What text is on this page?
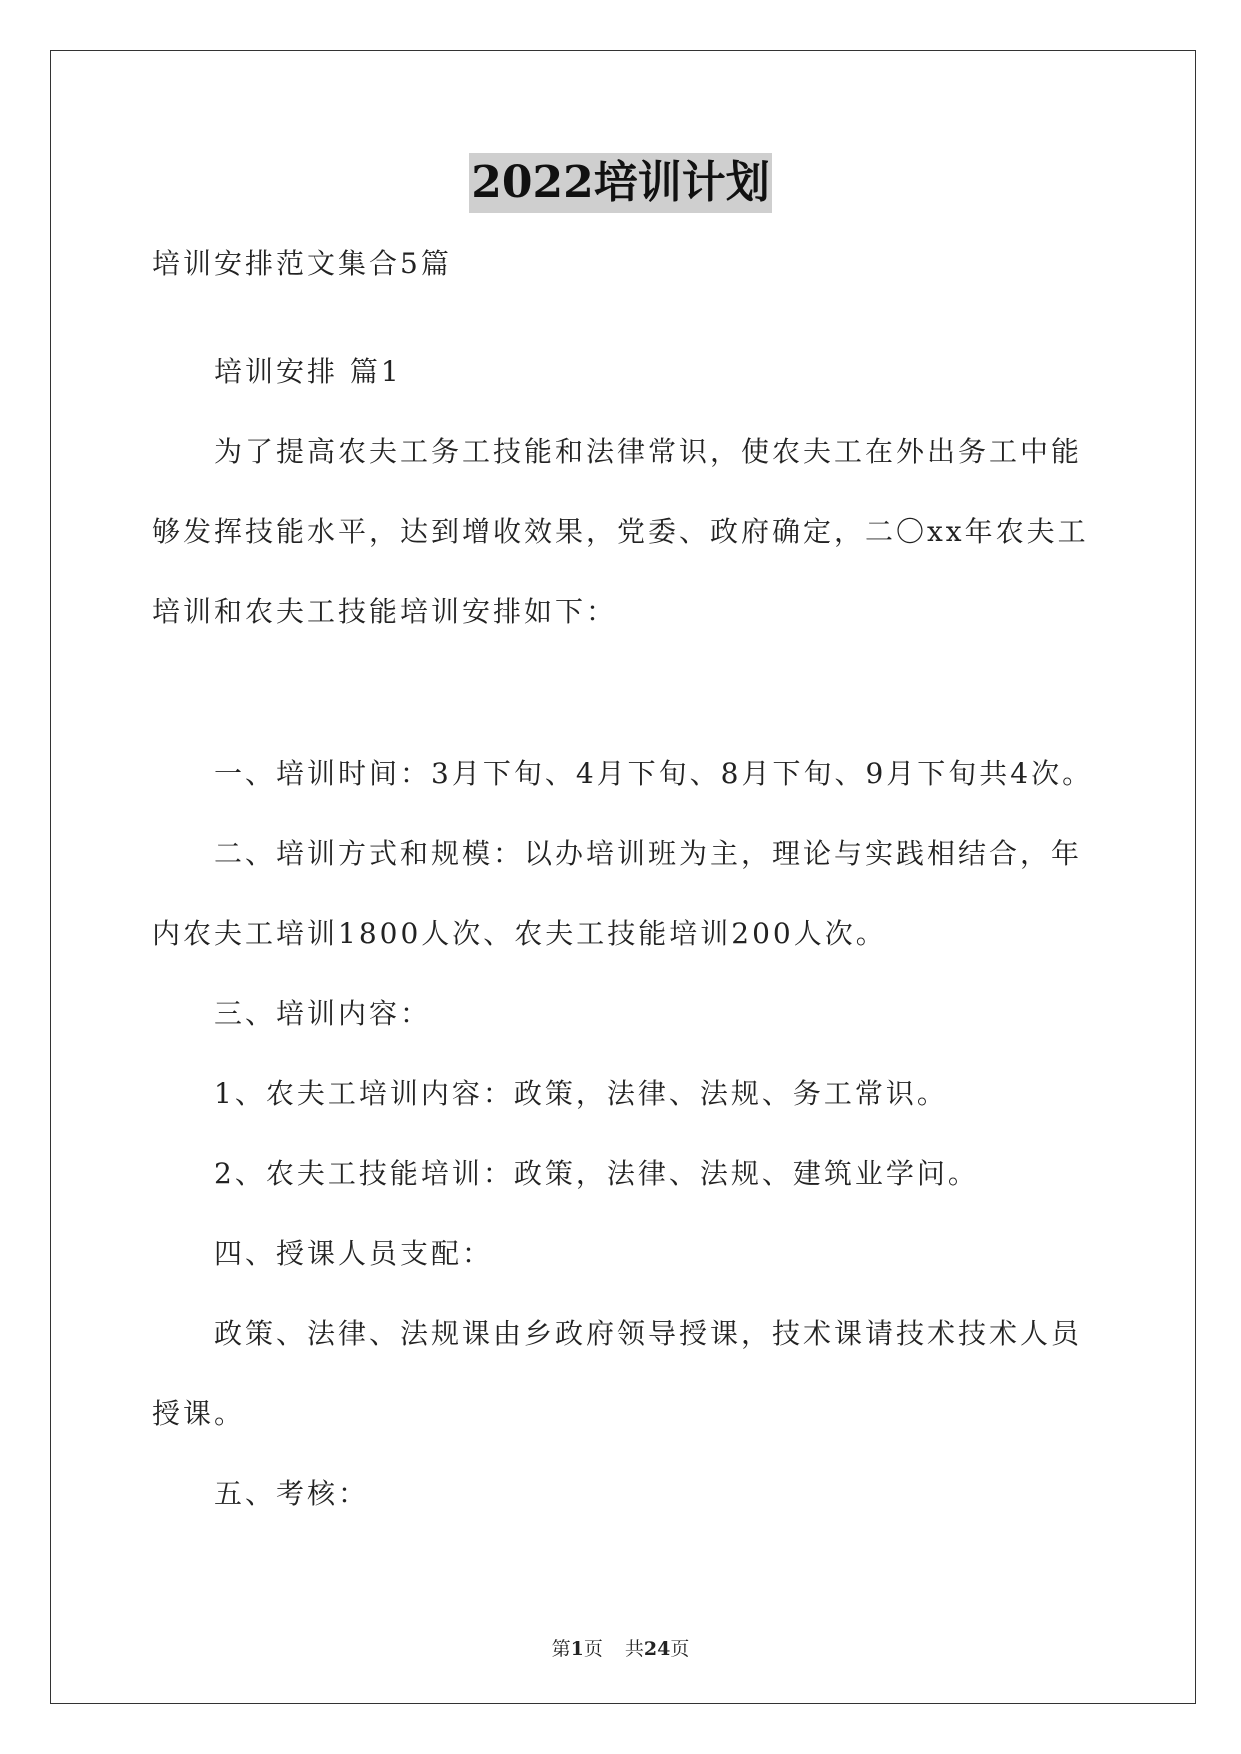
2022培训计划
培训安排范文集合5篇
培训安排 篇1
为了提高农夫工务工技能和法律常识，使农夫工在外出务工中能
够发挥技能水平，达到增收效果，党委、政府确定，二〇xx年农夫工
培训和农夫工技能培训安排如下：
一、培训时间：3月下旬、4月下旬、8月下旬、9月下旬共4次。
二、培训方式和规模：以办培训班为主，理论与实践相结合，年
内农夫工培训1800人次、农夫工技能培训200人次。
三、培训内容：
1、农夫工培训内容：政策，法律、法规、务工常识。
2、农夫工技能培训：政策，法律、法规、建筑业学问。
四、授课人员支配：
政策、法律、法规课由乡政府领导授课，技术课请技术技术人员
授课。
五、考核：
第1页 共24页
